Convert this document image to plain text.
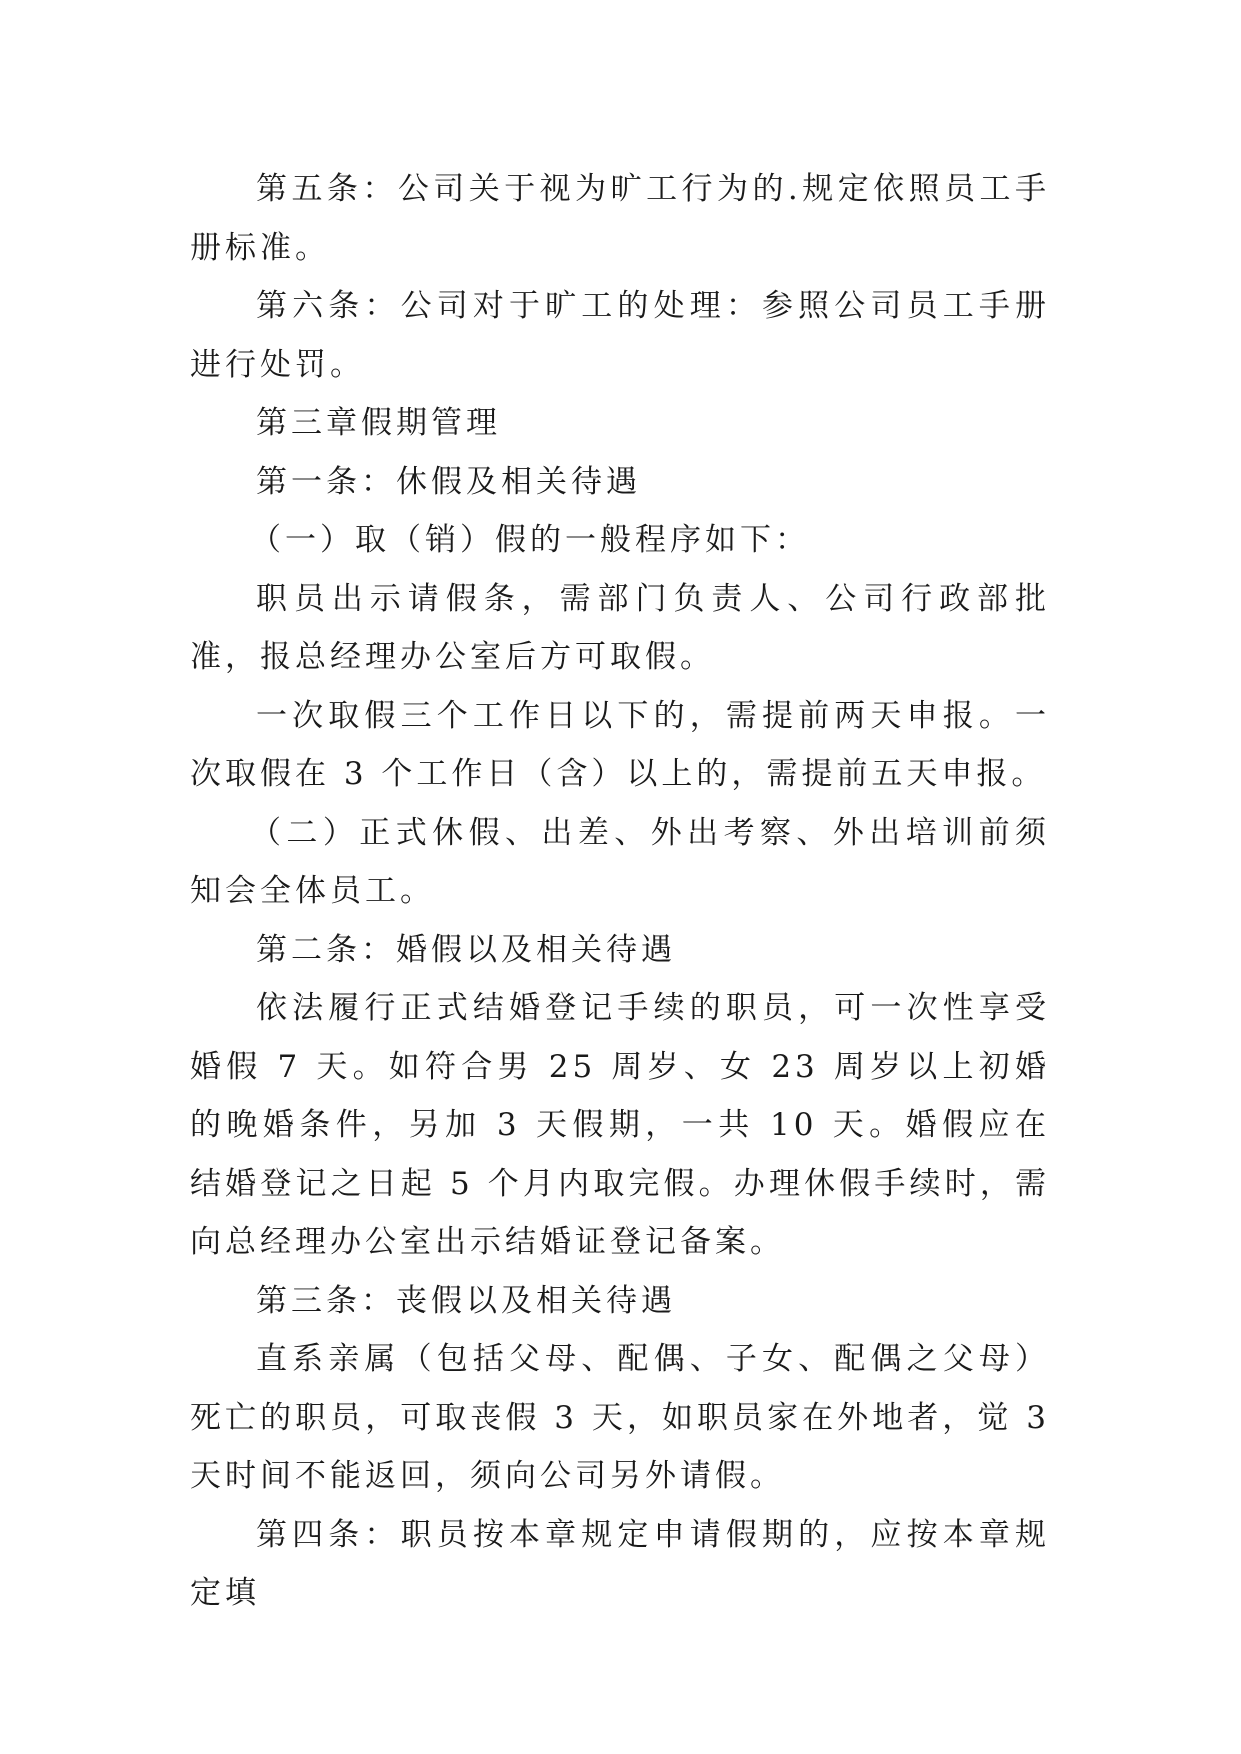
第五条：公司关于视为旷工行为的.规定依照员工手册标准。

第六条：公司对于旷工的处理：参照公司员工手册进行处罚。

第三章假期管理

第一条：休假及相关待遇

（一）取（销）假的一般程序如下：

职员出示请假条，需部门负责人、公司行政部批准，报总经理办公室后方可取假。

一次取假三个工作日以下的，需提前两天申报。一次取假在 3 个工作日（含）以上的，需提前五天申报。

（二）正式休假、出差、外出考察、外出培训前须知会全体员工。

第二条：婚假以及相关待遇

依法履行正式结婚登记手续的职员，可一次性享受婚假 7 天。如符合男 25 周岁、女 23 周岁以上初婚的晚婚条件，另加 3 天假期，一共 10 天。婚假应在结婚登记之日起 5 个月内取完假。办理休假手续时，需向总经理办公室出示结婚证登记备案。

第三条：丧假以及相关待遇

直系亲属（包括父母、配偶、子女、配偶之父母）死亡的职员，可取丧假 3 天，如职员家在外地者，觉 3 天时间不能返回，须向公司另外请假。

第四条：职员按本章规定申请假期的，应按本章规定填
